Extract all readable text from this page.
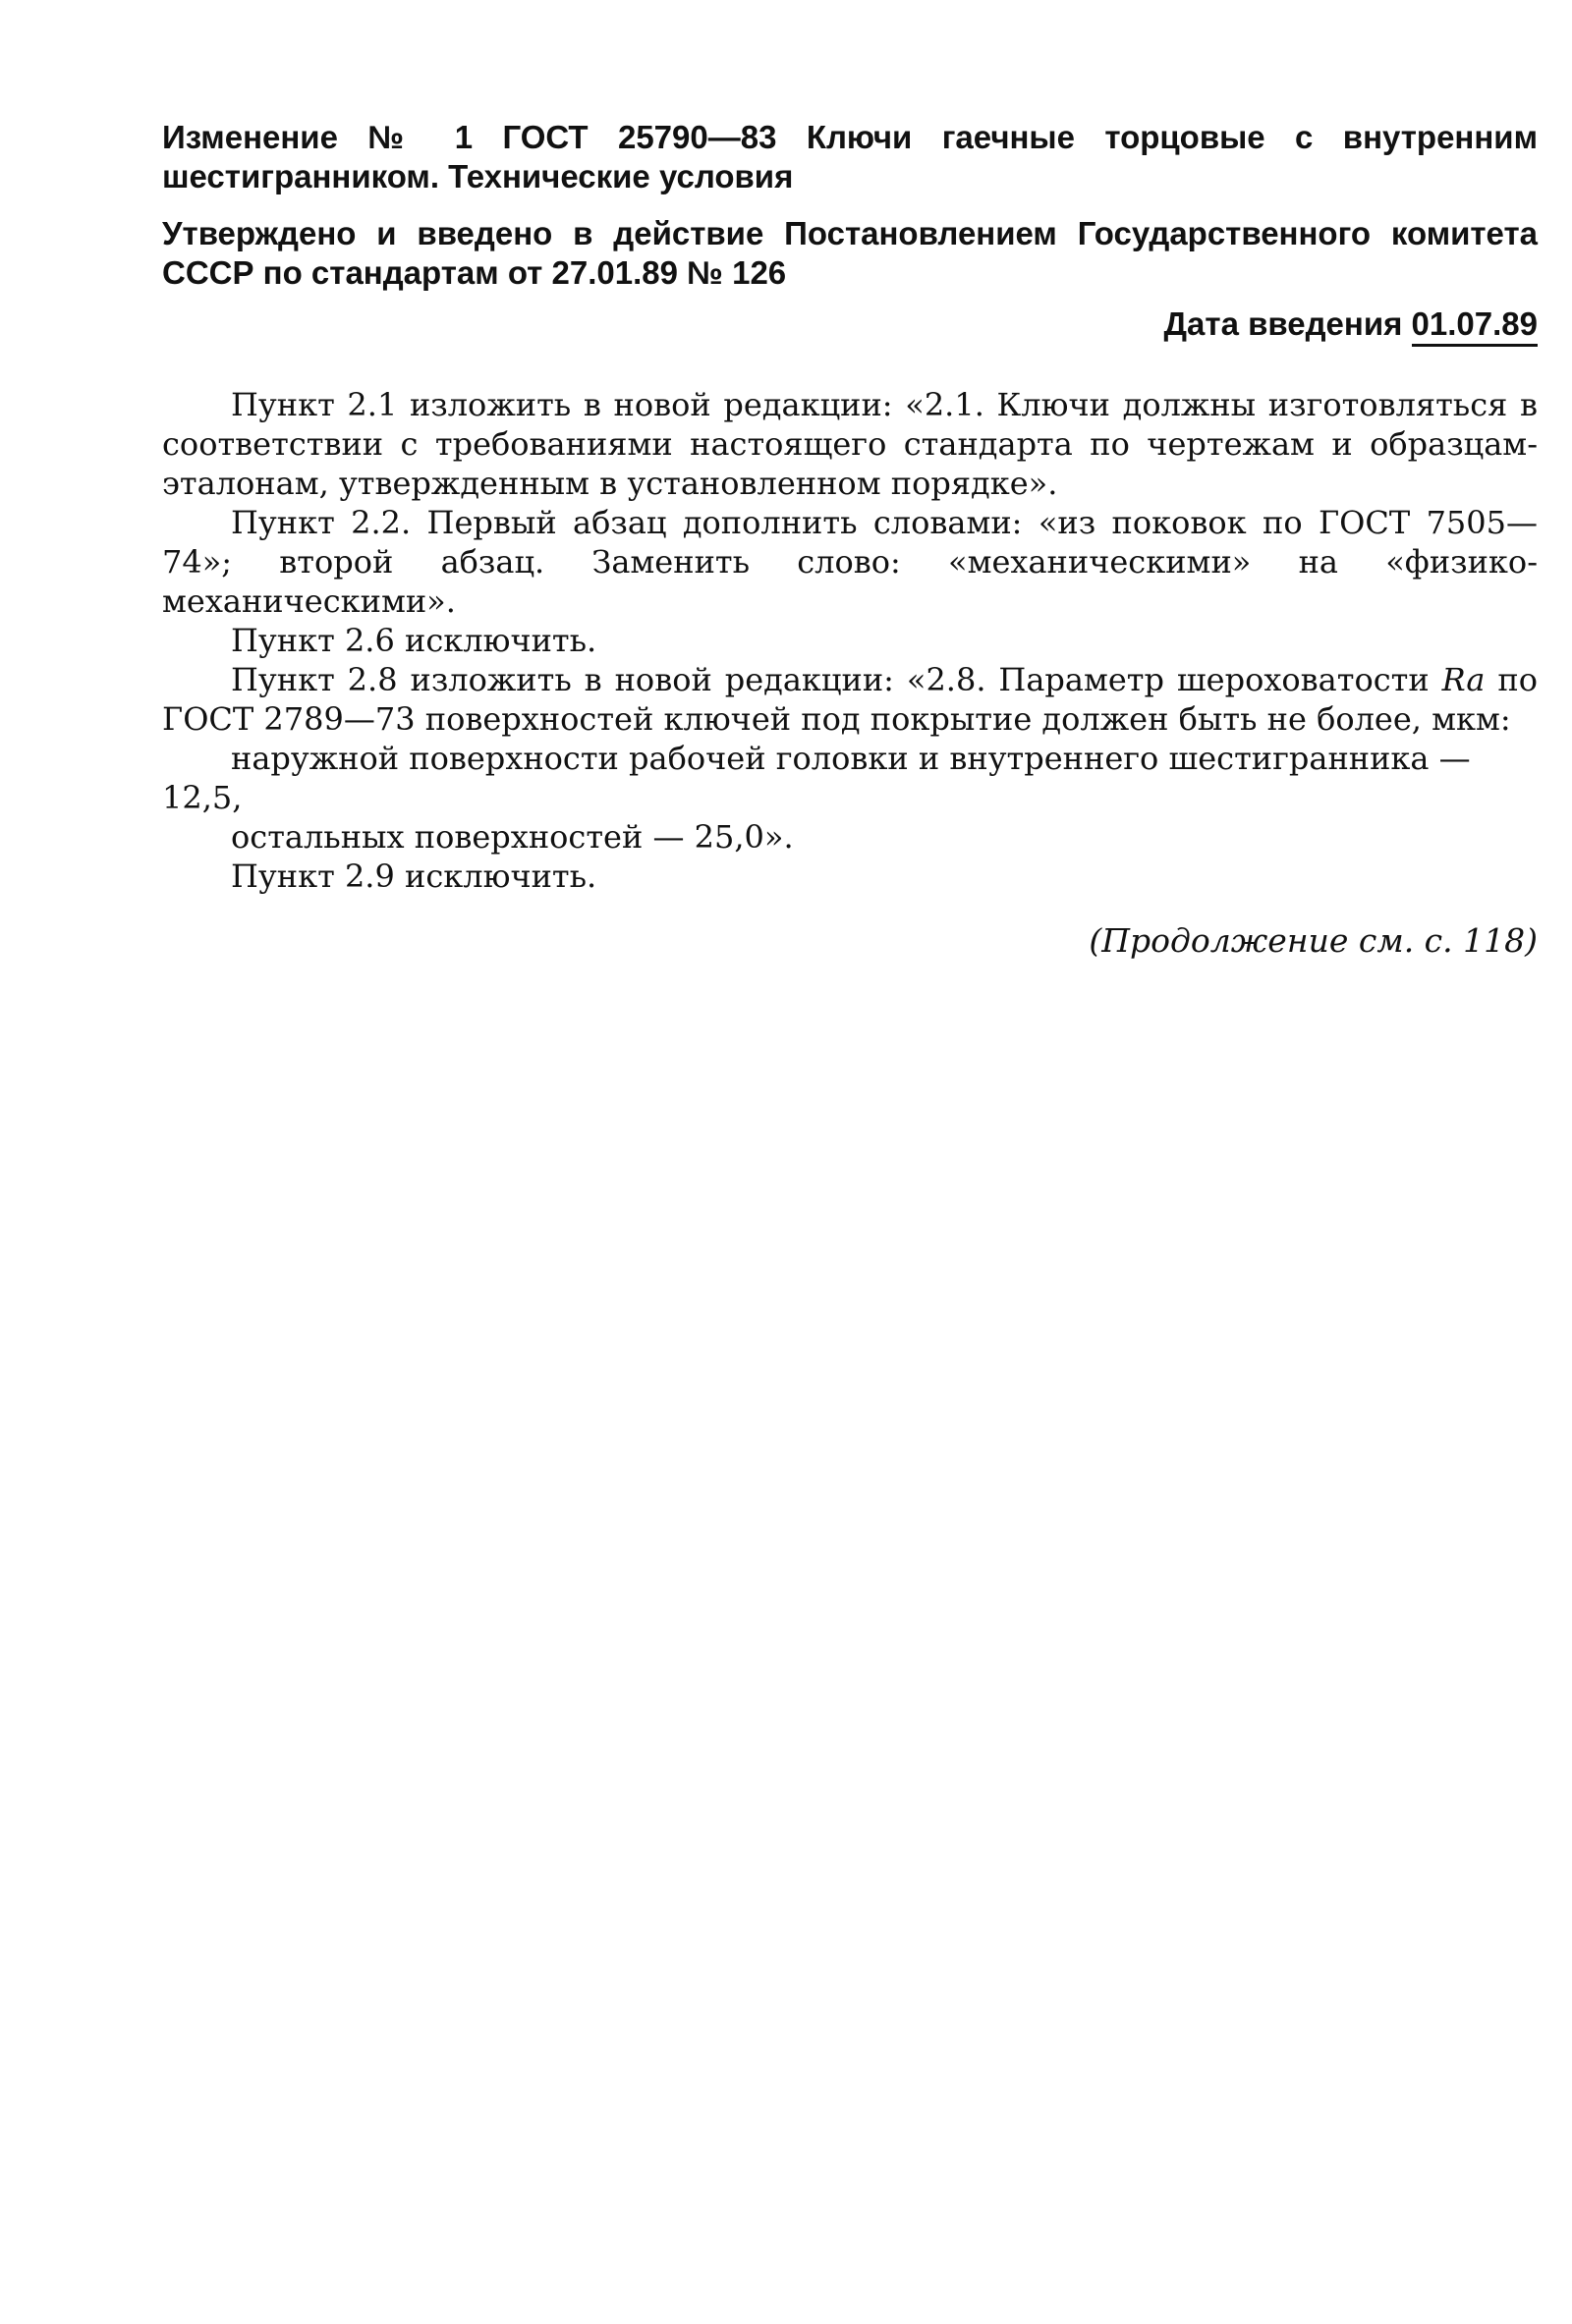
Изменение № 1 ГОСТ 25790—83 Ключи гаечные торцовые с внутренним шестигранником. Технические условия

Утверждено и введено в действие Постановлением Государственного комитета СССР по стандартам от 27.01.89 № 126

Дата введения 01.07.89

Пункт 2.1 изложить в новой редакции: «2.1. Ключи должны изготовляться в соответствии с требованиями настоящего стандарта по чертежам и образцам-эталонам, утвержденным в установленном порядке».

Пункт 2.2. Первый абзац дополнить словами: «из поковок по ГОСТ 7505—74»; второй абзац. Заменить слово: «механическими» на «физико-механическими».

Пункт 2.6 исключить.

Пункт 2.8 изложить в новой редакции: «2.8. Параметр шероховатости Ra по ГОСТ 2789—73 поверхностей ключей под покрытие должен быть не более, мкм:

наружной поверхности рабочей головки и внутреннего шестигранника — 12,5,

остальных поверхностей — 25,0».

Пункт 2.9 исключить.

(Продолжение см. с. 118)
